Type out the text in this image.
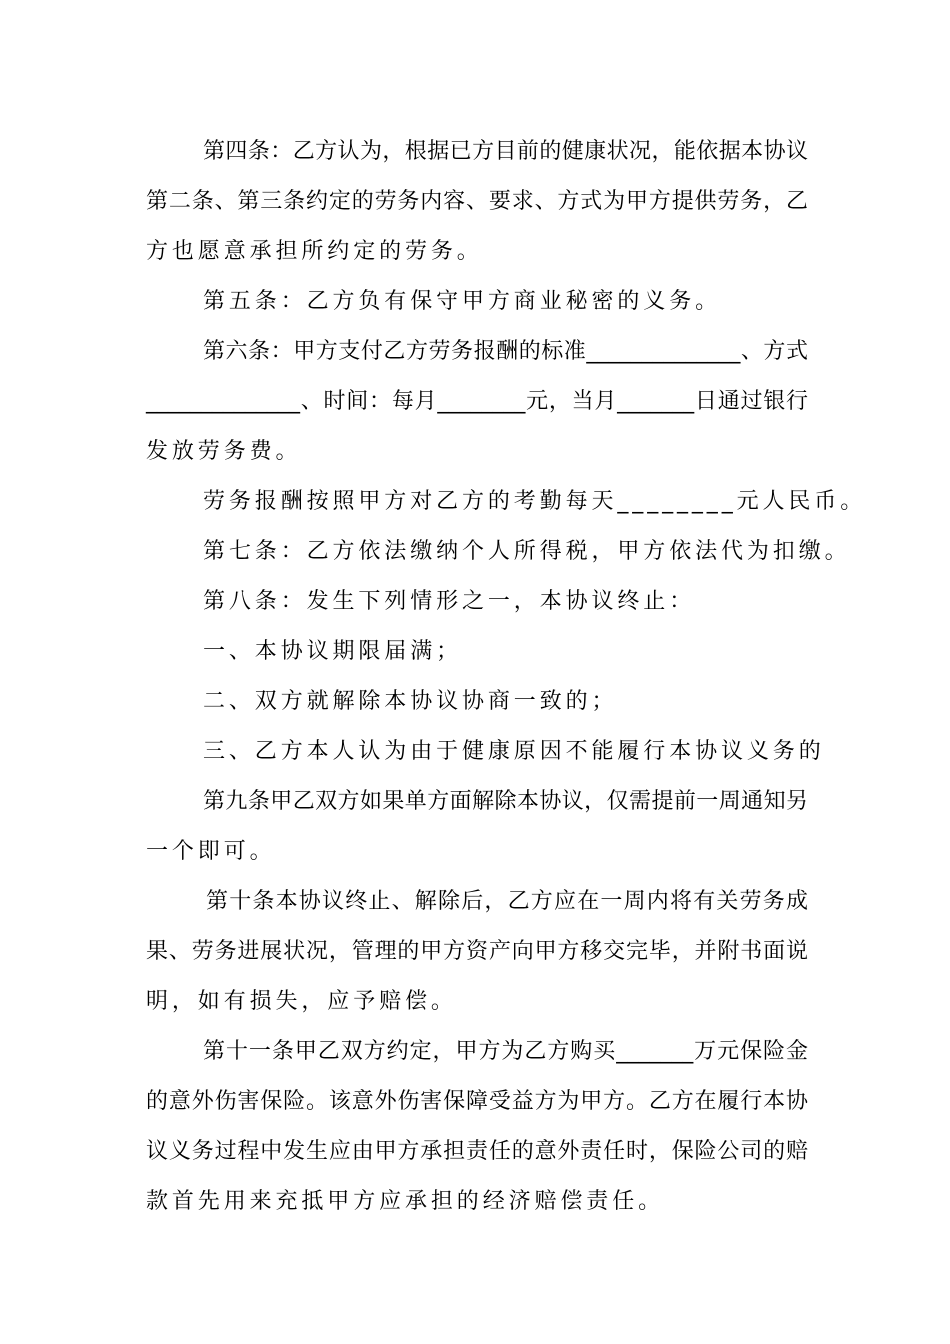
第四条：乙方认为，根据已方目前的健康状况，能依据本协议
第二条、第三条约定的劳务内容、要求、方式为甲方提供劳务，乙
方也愿意承担所约定的劳务。
第五条：乙方负有保守甲方商业秘密的义务。
第六条：甲方支付乙方劳务报酬的标准______________、方式
______________、时间：每月________元，当月_______日通过银行
发放劳务费。
劳务报酬按照甲方对乙方的考勤每天________元人民币。
第七条：乙方依法缴纳个人所得税，甲方依法代为扣缴。
第八条：发生下列情形之一，本协议终止：
一、本协议期限届满；
二、双方就解除本协议协商一致的；
三、乙方本人认为由于健康原因不能履行本协议义务的
第九条甲乙双方如果单方面解除本协议，仅需提前一周通知另
一个即可。
第十条本协议终止、解除后，乙方应在一周内将有关劳务成
果、劳务进展状况，管理的甲方资产向甲方移交完毕，并附书面说
明，如有损失，应予赔偿。
第十一条甲乙双方约定，甲方为乙方购买_______万元保险金
的意外伤害保险。该意外伤害保障受益方为甲方。乙方在履行本协
议义务过程中发生应由甲方承担责任的意外责任时，保险公司的赔
款首先用来充抵甲方应承担的经济赔偿责任。
